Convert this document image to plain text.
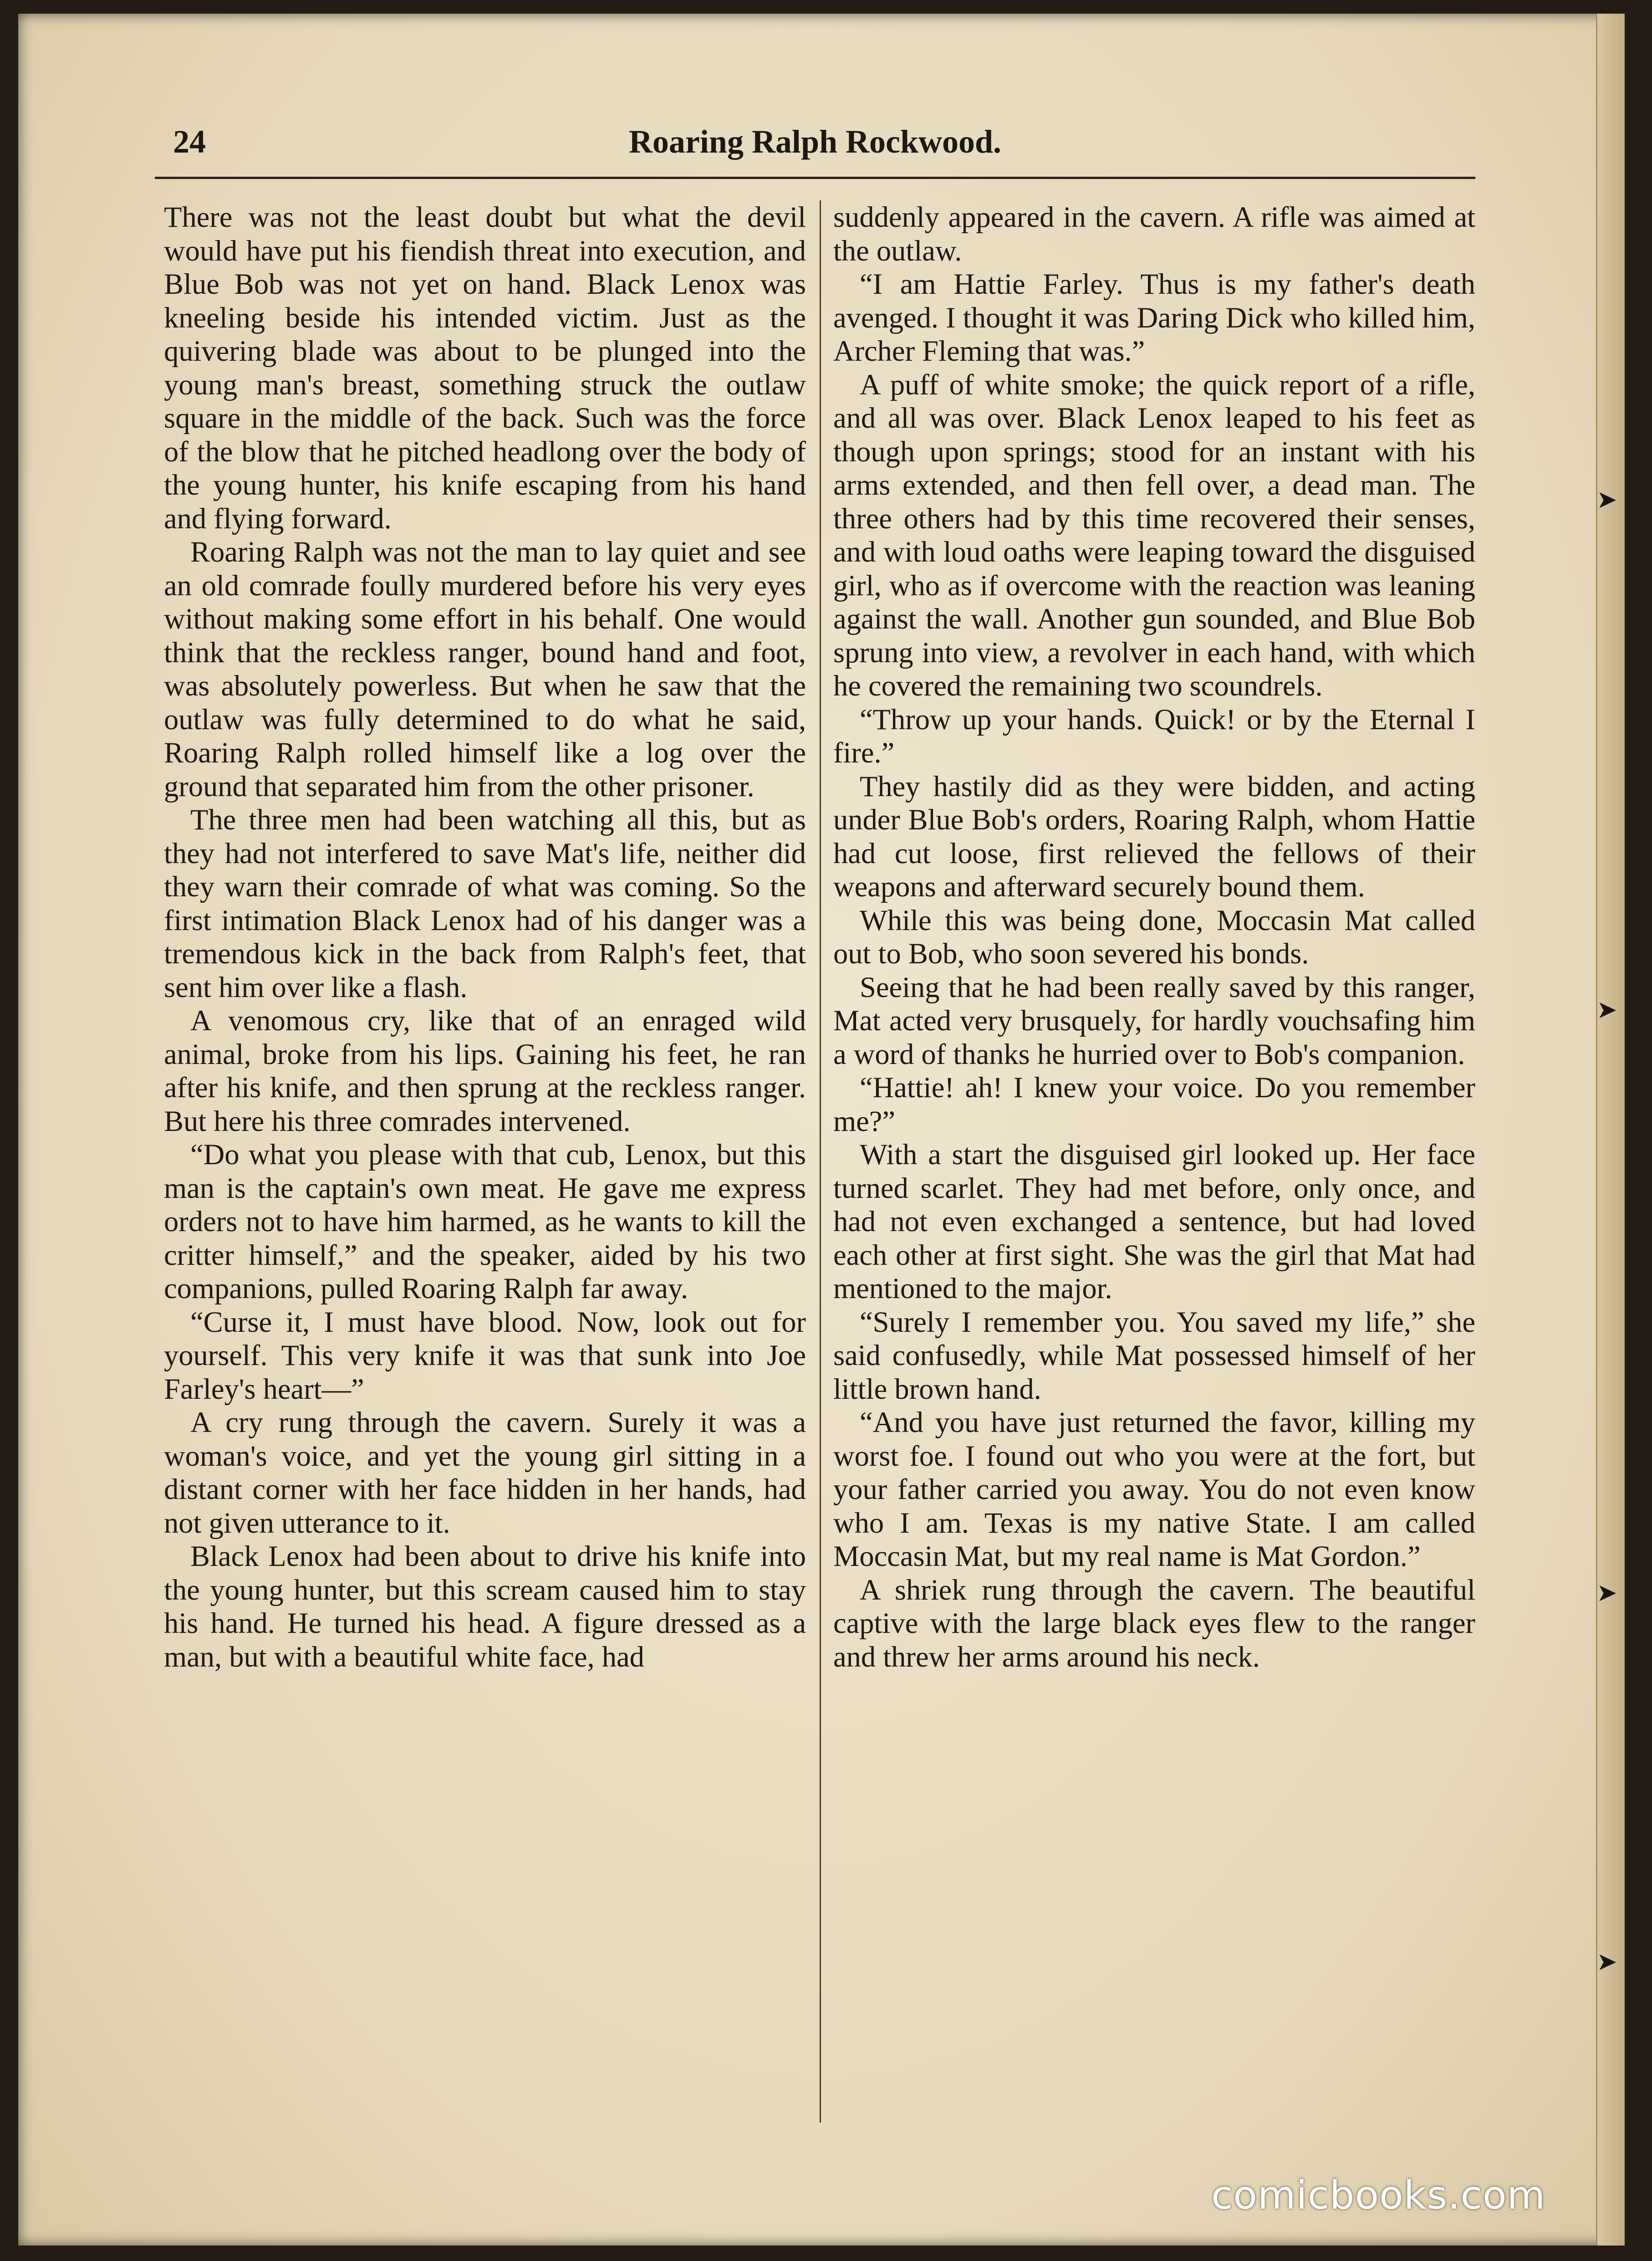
➤
➤
➤
➤
24	Roaring Ralph Rockwood.

There was not the least doubt but what the devil would have put his fiendish threat into execution, and Blue Bob was not yet on hand. Black Lenox was kneeling beside his intended victim. Just as the quivering blade was about to be plunged into the young man's breast, something struck the outlaw square in the middle of the back. Such was the force of the blow that he pitched headlong over the body of the young hunter, his knife escaping from his hand and flying forward.

Roaring Ralph was not the man to lay quiet and see an old comrade foully murdered before his very eyes without making some effort in his behalf. One would think that the reckless ranger, bound hand and foot, was absolutely powerless. But when he saw that the outlaw was fully determined to do what he said, Roaring Ralph rolled himself like a log over the ground that separated him from the other prisoner.

The three men had been watching all this, but as they had not interfered to save Mat's life, neither did they warn their comrade of what was coming. So the first intimation Black Lenox had of his danger was a tremendous kick in the back from Ralph's feet, that sent him over like a flash.

A venomous cry, like that of an enraged wild animal, broke from his lips. Gaining his feet, he ran after his knife, and then sprung at the reckless ranger. But here his three comrades intervened.

“Do what you please with that cub, Lenox, but this man is the captain's own meat. He gave me express orders not to have him harmed, as he wants to kill the critter himself,” and the speaker, aided by his two companions, pulled Roaring Ralph far away.

“Curse it, I must have blood. Now, look out for yourself. This very knife it was that sunk into Joe Farley's heart—”

A cry rung through the cavern. Surely it was a woman's voice, and yet the young girl sitting in a distant corner with her face hidden in her hands, had not given utterance to it.

Black Lenox had been about to drive his knife into the young hunter, but this scream caused him to stay his hand. He turned his head. A figure dressed as a man, but with a beautiful white face, had

suddenly appeared in the cavern. A rifle was aimed at the outlaw.

“I am Hattie Farley. Thus is my father's death avenged. I thought it was Daring Dick who killed him, Archer Fleming that was.”

A puff of white smoke; the quick report of a rifle, and all was over. Black Lenox leaped to his feet as though upon springs; stood for an instant with his arms extended, and then fell over, a dead man. The three others had by this time recovered their senses, and with loud oaths were leaping toward the disguised girl, who as if overcome with the reaction was leaning against the wall. Another gun sounded, and Blue Bob sprung into view, a revolver in each hand, with which he covered the remaining two scoundrels.

“Throw up your hands. Quick! or by the Eternal I fire.”

They hastily did as they were bidden, and acting under Blue Bob's orders, Roaring Ralph, whom Hattie had cut loose, first relieved the fellows of their weapons and afterward securely bound them.

While this was being done, Moccasin Mat called out to Bob, who soon severed his bonds.

Seeing that he had been really saved by this ranger, Mat acted very brusquely, for hardly vouchsafing him a word of thanks he hurried over to Bob's companion.

“Hattie! ah! I knew your voice. Do you remember me?”

With a start the disguised girl looked up. Her face turned scarlet. They had met before, only once, and had not even exchanged a sentence, but had loved each other at first sight. She was the girl that Mat had mentioned to the major.

“Surely I remember you. You saved my life,” she said confusedly, while Mat possessed himself of her little brown hand.

“And you have just returned the favor, killing my worst foe. I found out who you were at the fort, but your father carried you away. You do not even know who I am. Texas is my native State. I am called Moccasin Mat, but my real name is Mat Gordon.”

A shriek rung through the cavern. The beautiful captive with the large black eyes flew to the ranger and threw her arms around his neck.

comicbooks.com
